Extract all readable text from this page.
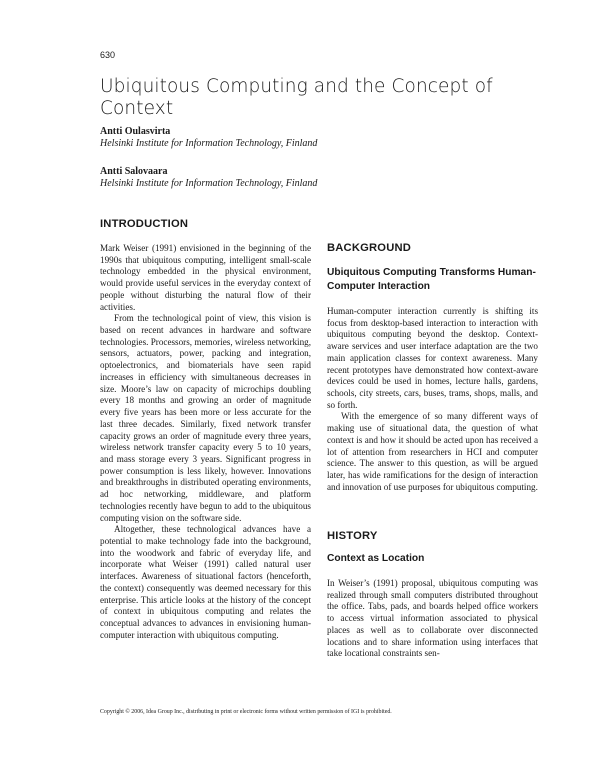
630
Ubiquitous Computing and the Concept of Context
Antti Oulasvirta
Helsinki Institute for Information Technology, Finland
Antti Salovaara
Helsinki Institute for Information Technology, Finland
INTRODUCTION

Mark Weiser (1991) envisioned in the beginning of the 1990s that ubiquitous computing, intelligent small-scale technology embedded in the physical environment, would provide useful services in the everyday context of people without disturbing the natural flow of their activities.

From the technological point of view, this vision is based on recent advances in hardware and software technologies. Processors, memories, wireless networking, sensors, actuators, power, packing and integration, optoelectronics, and biomaterials have seen rapid increases in efficiency with simultaneous decreases in size. Moore’s law on capacity of microchips doubling every 18 months and growing an order of magnitude every five years has been more or less accurate for the last three decades. Similarly, fixed network transfer capacity grows an order of magnitude every three years, wireless network transfer capacity every 5 to 10 years, and mass storage every 3 years. Significant progress in power consumption is less likely, however. Innovations and breakthroughs in distributed operating environments, ad hoc networking, middleware, and platform technologies recently have begun to add to the ubiquitous computing vision on the software side.

Altogether, these technological advances have a potential to make technology fade into the background, into the woodwork and fabric of everyday life, and incorporate what Weiser (1991) called natural user interfaces. Awareness of situational factors (henceforth, the context) consequently was deemed necessary for this enterprise. This article looks at the history of the concept of context in ubiquitous computing and relates the conceptual advances to advances in envisioning human-computer interaction with ubiquitous computing.

BACKGROUND
Ubiquitous Computing Transforms Human-Computer Interaction

Human-computer interaction currently is shifting its focus from desktop-based interaction to interaction with ubiquitous computing beyond the desktop. Context-aware services and user interface adaptation are the two main application classes for context awareness. Many recent prototypes have demonstrated how context-aware devices could be used in homes, lecture halls, gardens, schools, city streets, cars, buses, trams, shops, malls, and so forth.

With the emergence of so many different ways of making use of situational data, the question of what context is and how it should be acted upon has received a lot of attention from researchers in HCI and computer science. The answer to this question, as will be argued later, has wide ramifications for the design of interaction and innovation of use purposes for ubiquitous computing.

HISTORY
Context as Location

In Weiser’s (1991) proposal, ubiquitous computing was realized through small computers distributed throughout the office. Tabs, pads, and boards helped office workers to access virtual information associated to physical places as well as to collaborate over disconnected locations and to share information using interfaces that take locational constraints sen-

Copyright © 2006, Idea Group Inc., distributing in print or electronic forms without written permission of IGI is prohibited.
